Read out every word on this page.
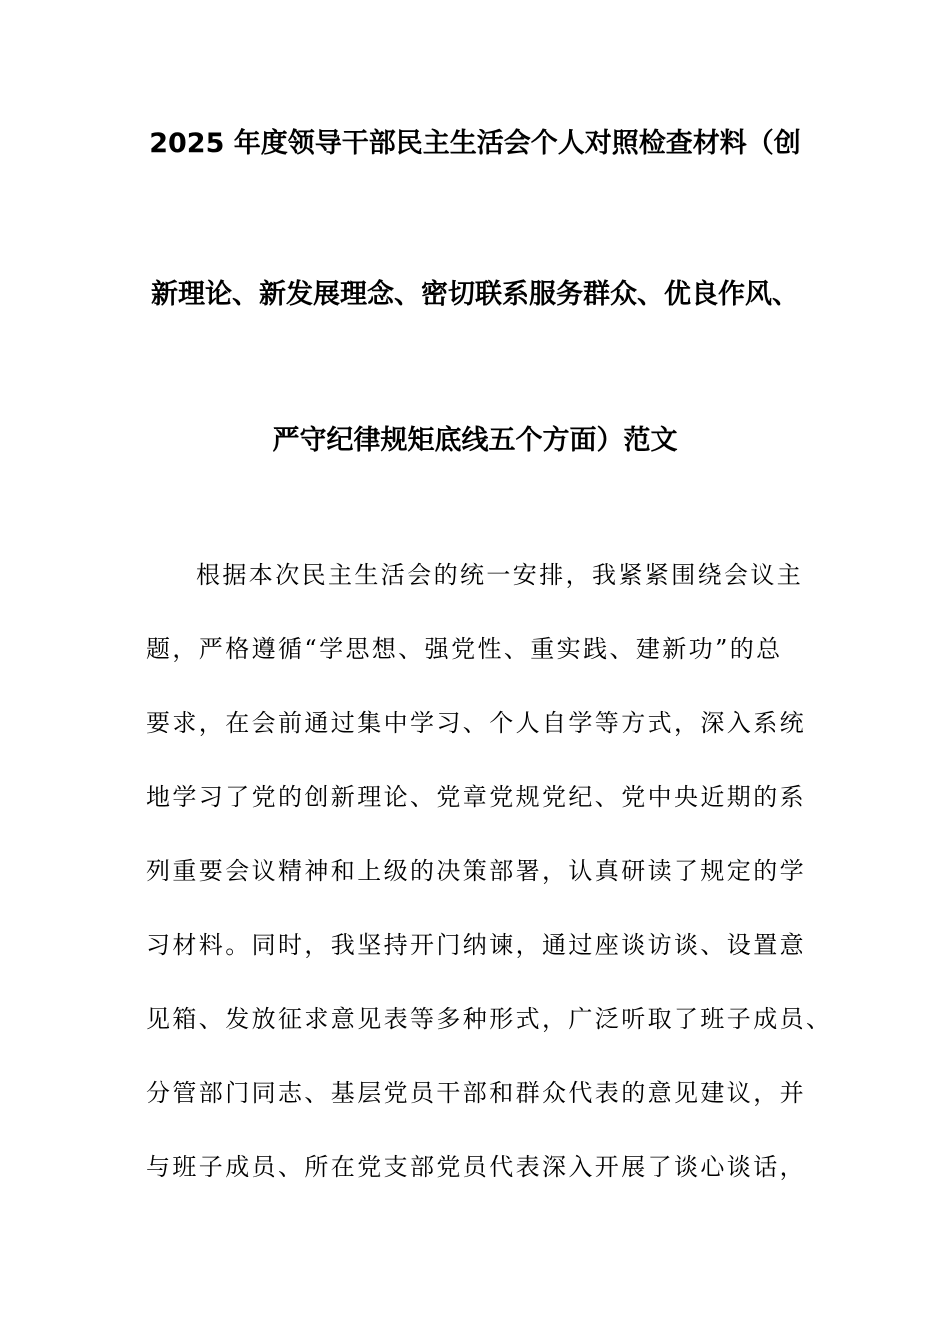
2025 年度领导干部民主生活会个人对照检查材料（创
新理论、新发展理念、密切联系服务群众、优良作风、
严守纪律规矩底线五个方面）范文
根据本次民主生活会的统一安排，我紧紧围绕会议主
题，严格遵循“学思想、强党性、重实践、建新功”的总
要求，在会前通过集中学习、个人自学等方式，深入系统
地学习了党的创新理论、党章党规党纪、党中央近期的系
列重要会议精神和上级的决策部署，认真研读了规定的学
习材料。同时，我坚持开门纳谏，通过座谈访谈、设置意
见箱、发放征求意见表等多种形式，广泛听取了班子成员、
分管部门同志、基层党员干部和群众代表的意见建议，并
与班子成员、所在党支部党员代表深入开展了谈心谈话，
